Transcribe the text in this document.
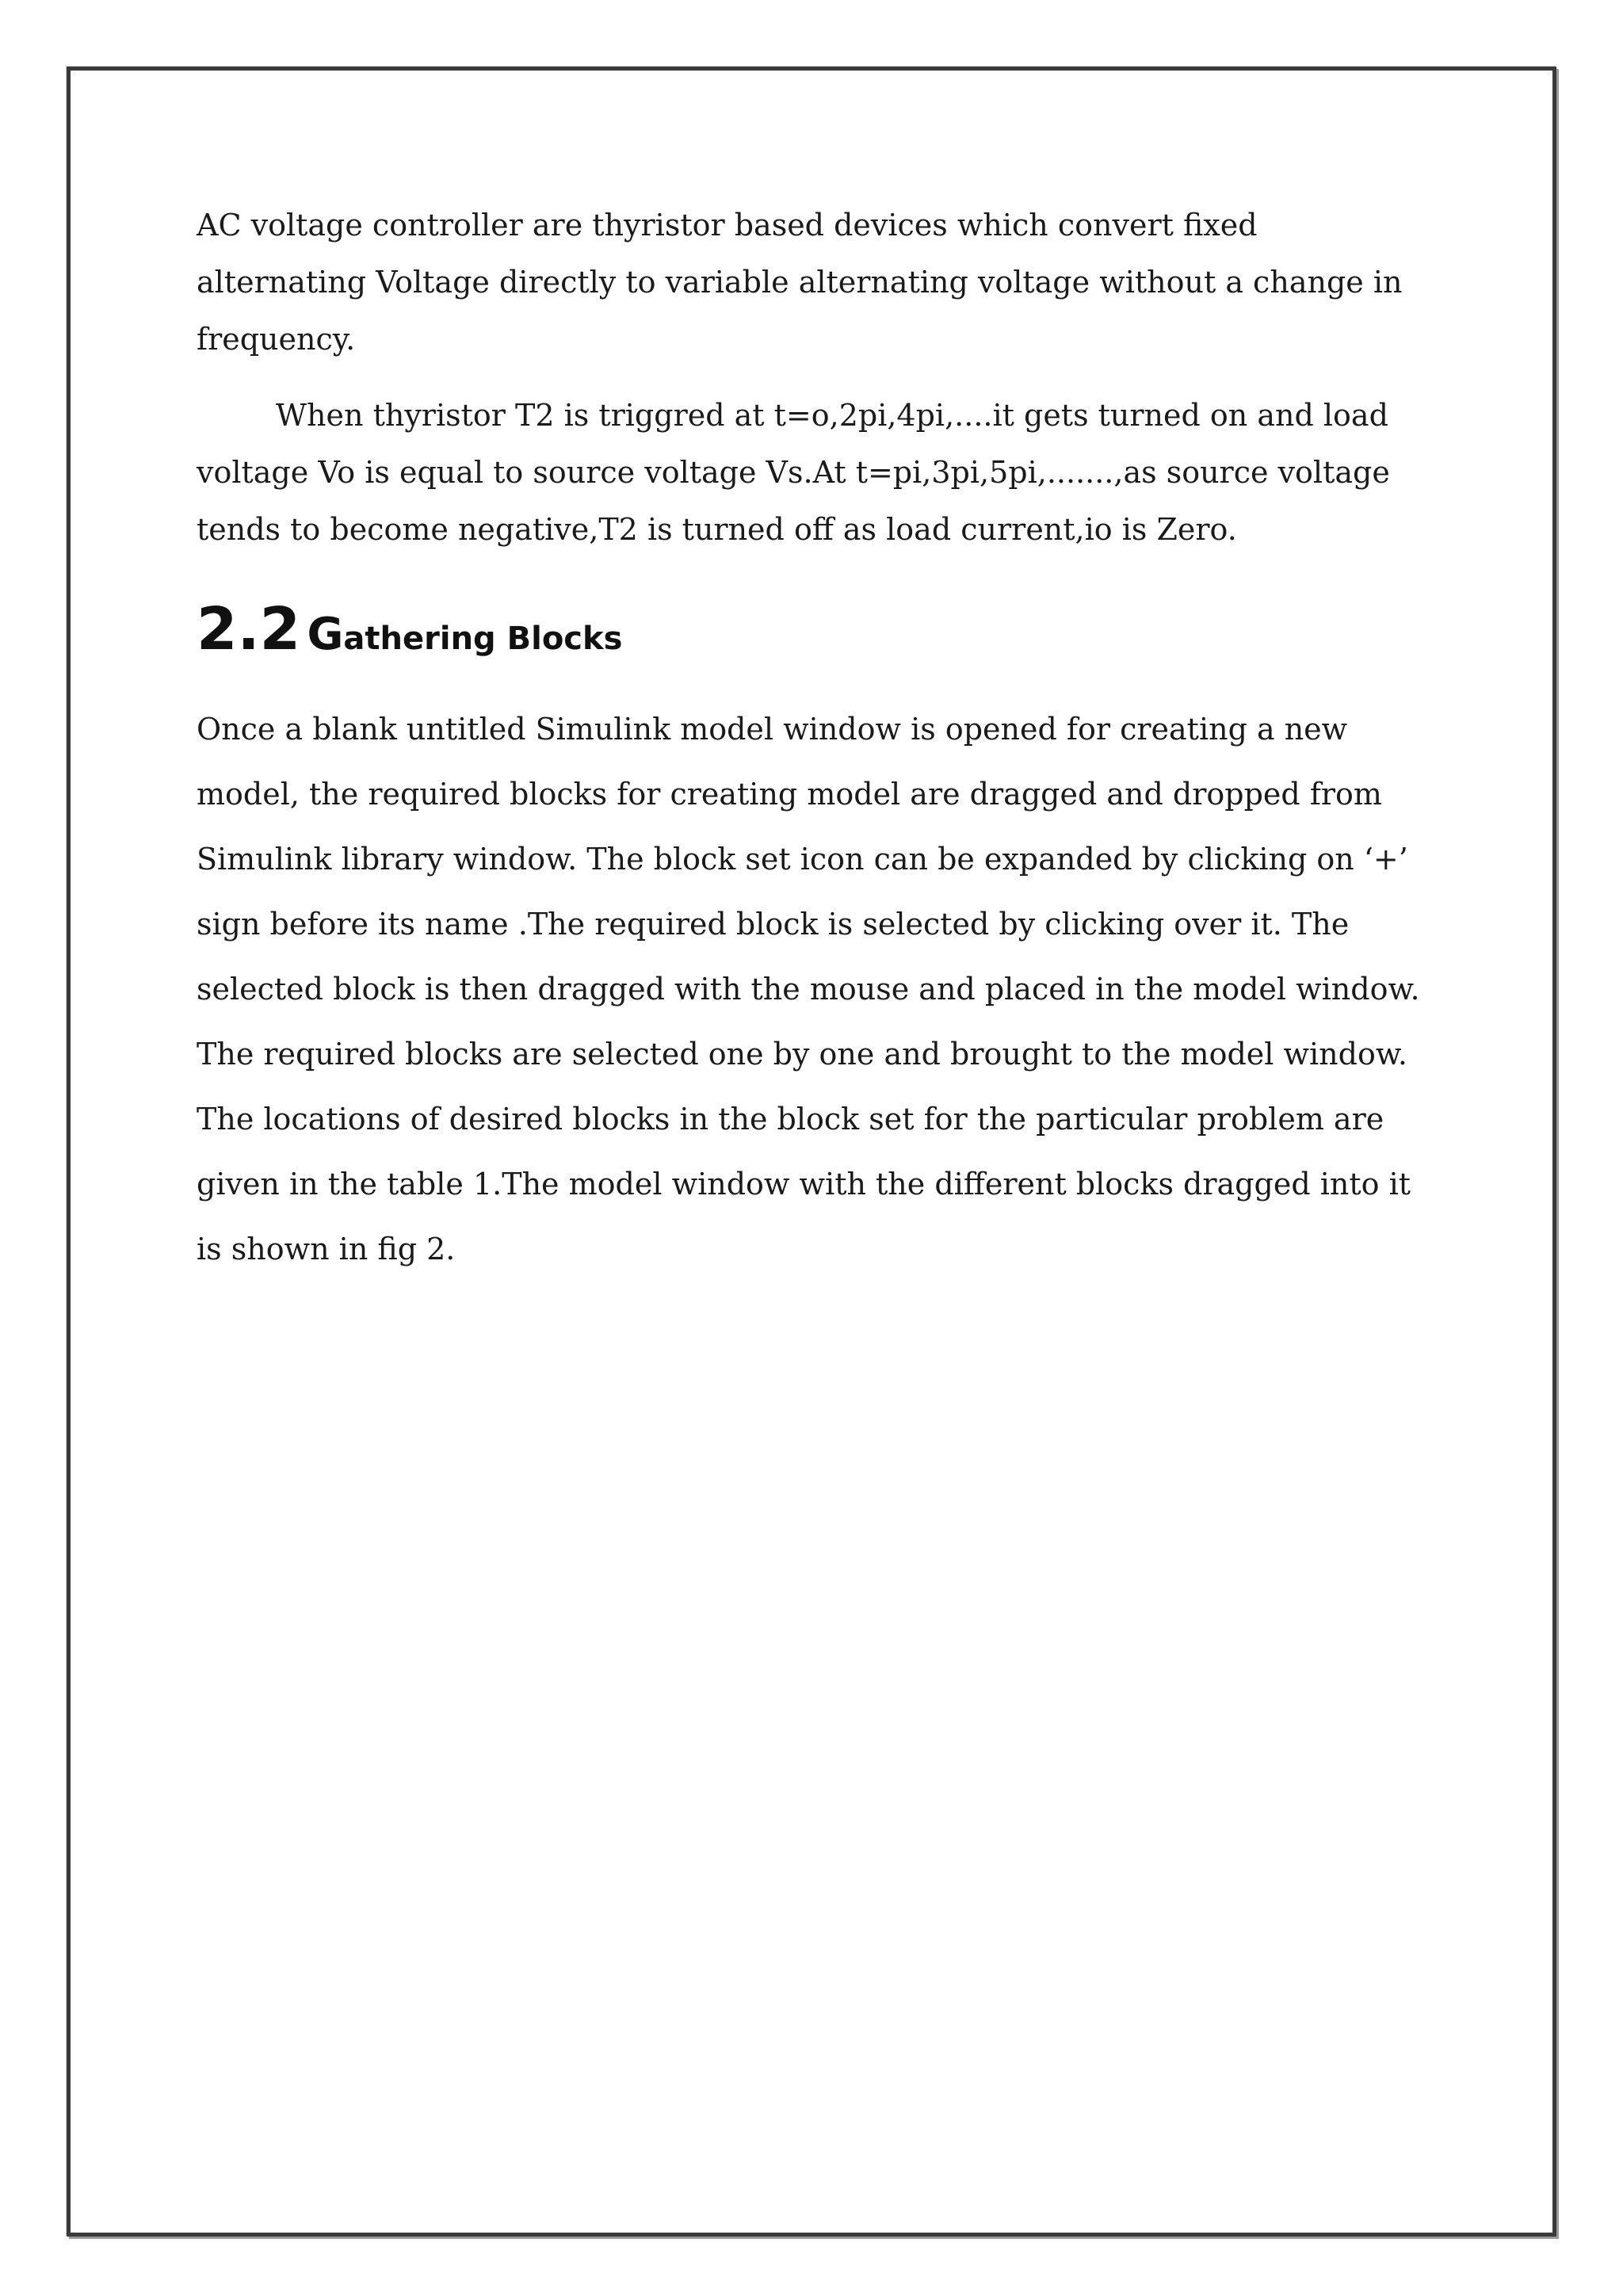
AC voltage controller are thyristor based devices which convert fixed alternating Voltage directly to variable alternating voltage without a change in frequency.

When thyristor T2 is triggred at t=o,2pi,4pi,....it gets turned on and load voltage Vo is equal to source voltage Vs.At t=pi,3pi,5pi,.......,as source voltage tends to become negative,T2 is turned off as load current,io is Zero.

2.2 Gathering Blocks

Once a blank untitled Simulink model window is opened for creating a new model, the required blocks for creating model are dragged and dropped from Simulink library window. The block set icon can be expanded by clicking on ‘+’ sign before its name .The required block is selected by clicking over it. The selected block is then dragged with the mouse and placed in the model window. The required blocks are selected one by one and brought to the model window. The locations of desired blocks in the block set for the particular problem are given in the table 1.The model window with the different blocks dragged into it is shown in fig 2.
